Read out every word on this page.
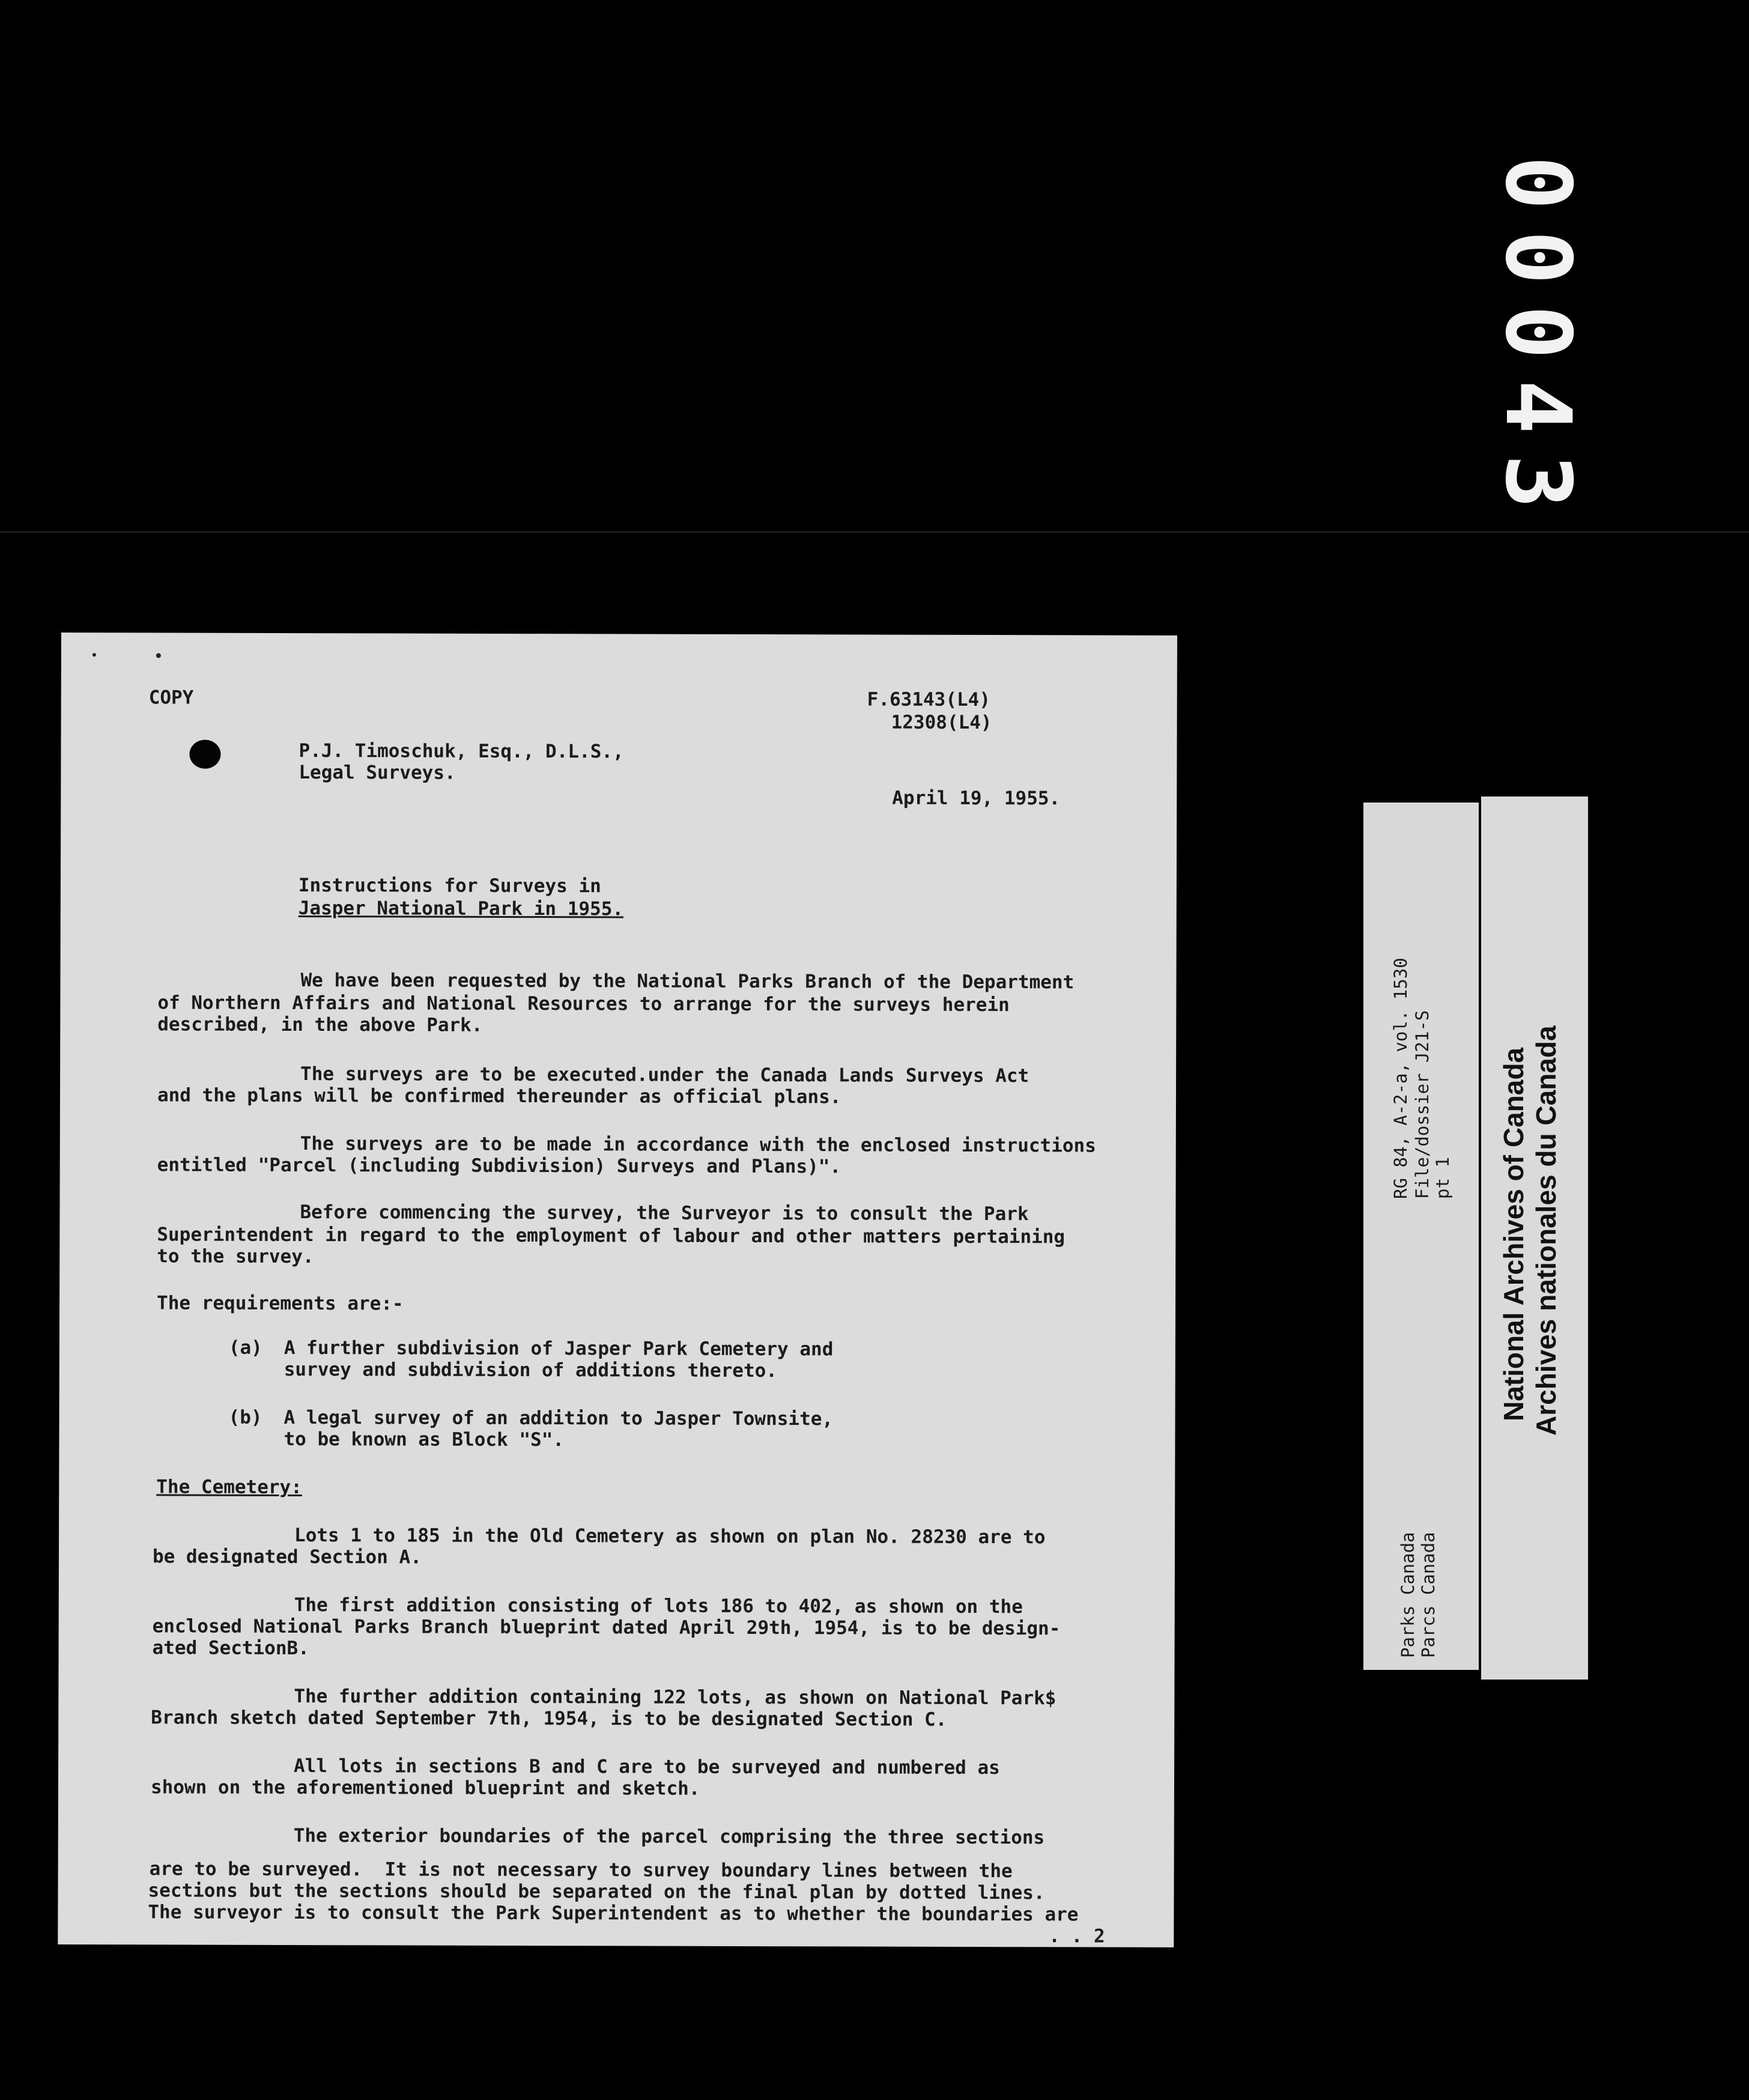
00043
COPY	F.63143(L4)
12308(L4)
P.J. Timoschuk, Esq., D.L.S.,
Legal Surveys.
April 19, 1955.
Instructions for Surveys in
Jasper National Park in 1955.
We have been requested by the National Parks Branch of the Department
of Northern Affairs and National Resources to arrange for the surveys herein
described, in the above Park.
The surveys are to be executed.under the Canada Lands Surveys Act
and the plans will be confirmed thereunder as official plans.
The surveys are to be made in accordance with the enclosed instructions
entitled "Parcel (including Subdivision) Surveys and Plans)".
Before commencing the survey, the Surveyor is to consult the Park
Superintendent in regard to the employment of labour and other matters pertaining
to the survey.
The requirements are:-
(a) A further subdivision of Jasper Park Cemetery and
survey and subdivision of additions thereto.
(b) A legal survey of an addition to Jasper Townsite,
to be known as Block "S".
The Cemetery:
Lots 1 to 185 in the Old Cemetery as shown on plan No. 28230 are to
be designated Section A.
The first addition consisting of lots 186 to 402, as shown on the
enclosed National Parks Branch blueprint dated April 29th, 1954, is to be design-
ated SectionB.
The further addition containing 122 lots, as shown on National Park$
Branch sketch dated September 7th, 1954, is to be designated Section C.
All lots in sections B and C are to be surveyed and numbered as
shown on the aforementioned blueprint and sketch.
The exterior boundaries of the parcel comprising the three sections
are to be surveyed.  It is not necessary to survey boundary lines between the
sections but the sections should be separated on the final plan by dotted lines.
The surveyor is to consult the Park Superintendent as to whether the boundaries are
. . 2
RG 84, A-2-a, vol. 1530 File/dossier J21-S pt 1
Parks Canada Parcs Canada
National Archives of Canada Archives nationales du Canada
